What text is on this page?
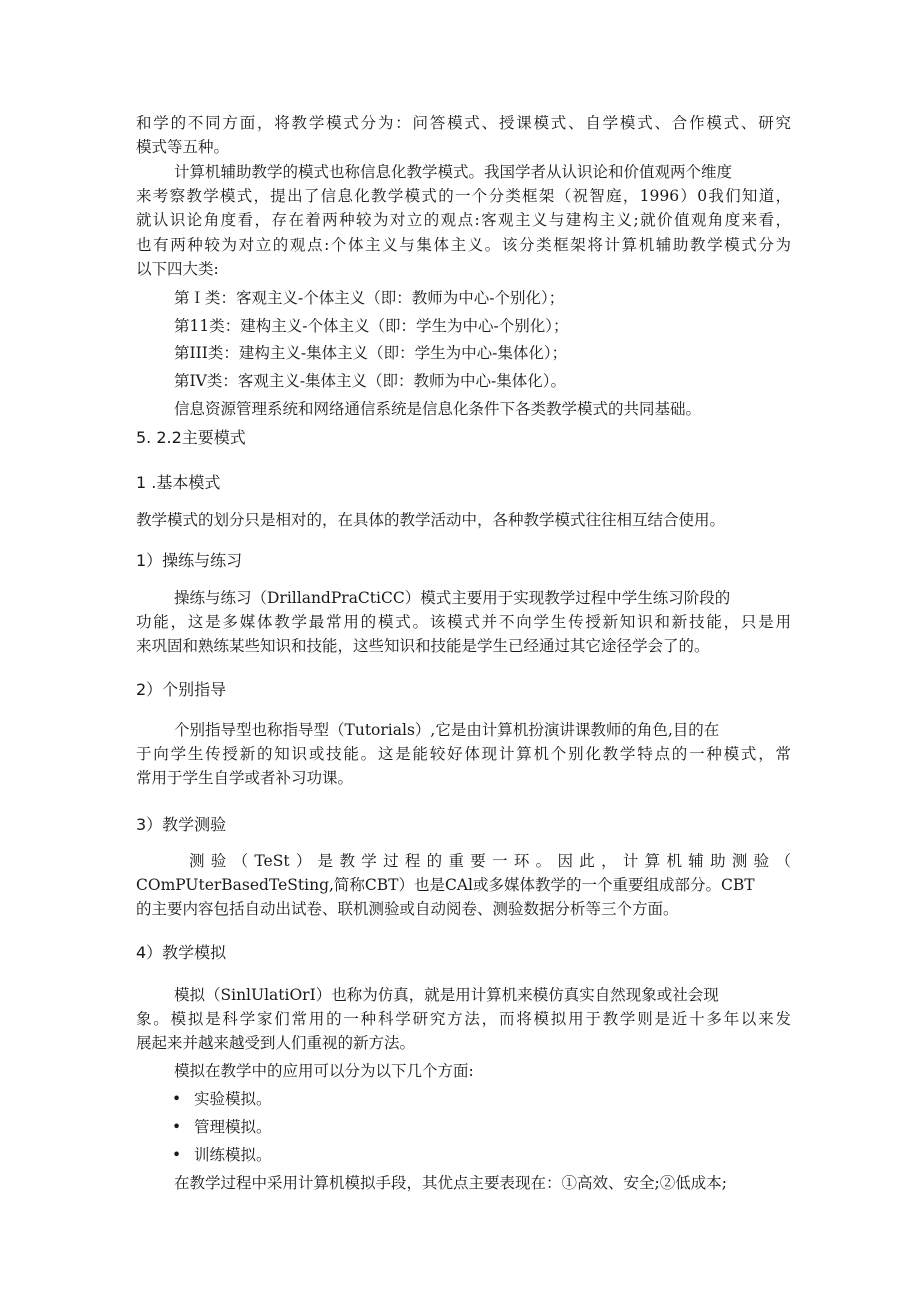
和学的不同方面，将教学模式分为：问答模式、授课模式、自学模式、合作模式、研究
模式等五种。
计算机辅助教学的模式也称信息化教学模式。我国学者从认识论和价值观两个维度
来考察教学模式，提出了信息化教学模式的一个分类框架（祝智庭，1996）0我们知道，
就认识论角度看，存在着两种较为对立的观点:客观主义与建构主义;就价值观角度来看，
也有两种较为对立的观点:个体主义与集体主义。该分类框架将计算机辅助教学模式分为
以下四大类:
第Ｉ类：客观主义-个体主义（即：教师为中心-个别化）；
第11类：建构主义-个体主义（即：学生为中心-个别化）；
第III类：建构主义-集体主义（即：学生为中心-集体化）；
第IV类：客观主义-集体主义（即：教师为中心-集体化）。
信息资源管理系统和网络通信系统是信息化条件下各类教学模式的共同基础。
5. 2.2主要模式
1 .基本模式
教学模式的划分只是相对的，在具体的教学活动中，各种教学模式往往相互结合使用。
1）操练与练习
操练与练习（DrillandPraCtiCC）模式主要用于实现教学过程中学生练习阶段的
功能，这是多媒体教学最常用的模式。该模式并不向学生传授新知识和新技能，只是用
来巩固和熟练某些知识和技能，这些知识和技能是学生已经通过其它途径学会了的。
2）个别指导
个别指导型也称指导型（Tutorials）,它是由计算机扮演讲课教师的角色,目的在
于向学生传授新的知识或技能。这是能较好体现计算机个别化教学特点的一种模式，常
常用于学生自学或者补习功课。
3）教学测验
测验（TeSt）是教学过程的重要一环。因此，计算机辅助测验（
COmPUterBasedTeSting,简称CBT）也是CAl或多媒体教学的一个重要组成部分。CBT
的主要内容包括自动出试卷、联机测验或自动阅卷、测验数据分析等三个方面。
4）教学模拟
模拟（SinlUlatiOrI）也称为仿真，就是用计算机来模仿真实自然现象或社会现
象。模拟是科学家们常用的一种科学研究方法，而将模拟用于教学则是近十多年以来发
展起来并越来越受到人们重视的新方法。
模拟在教学中的应用可以分为以下几个方面:
• 实验模拟。
• 管理模拟。
• 训练模拟。
在教学过程中采用计算机模拟手段，其优点主要表现在：①高效、安全;②低成本;
